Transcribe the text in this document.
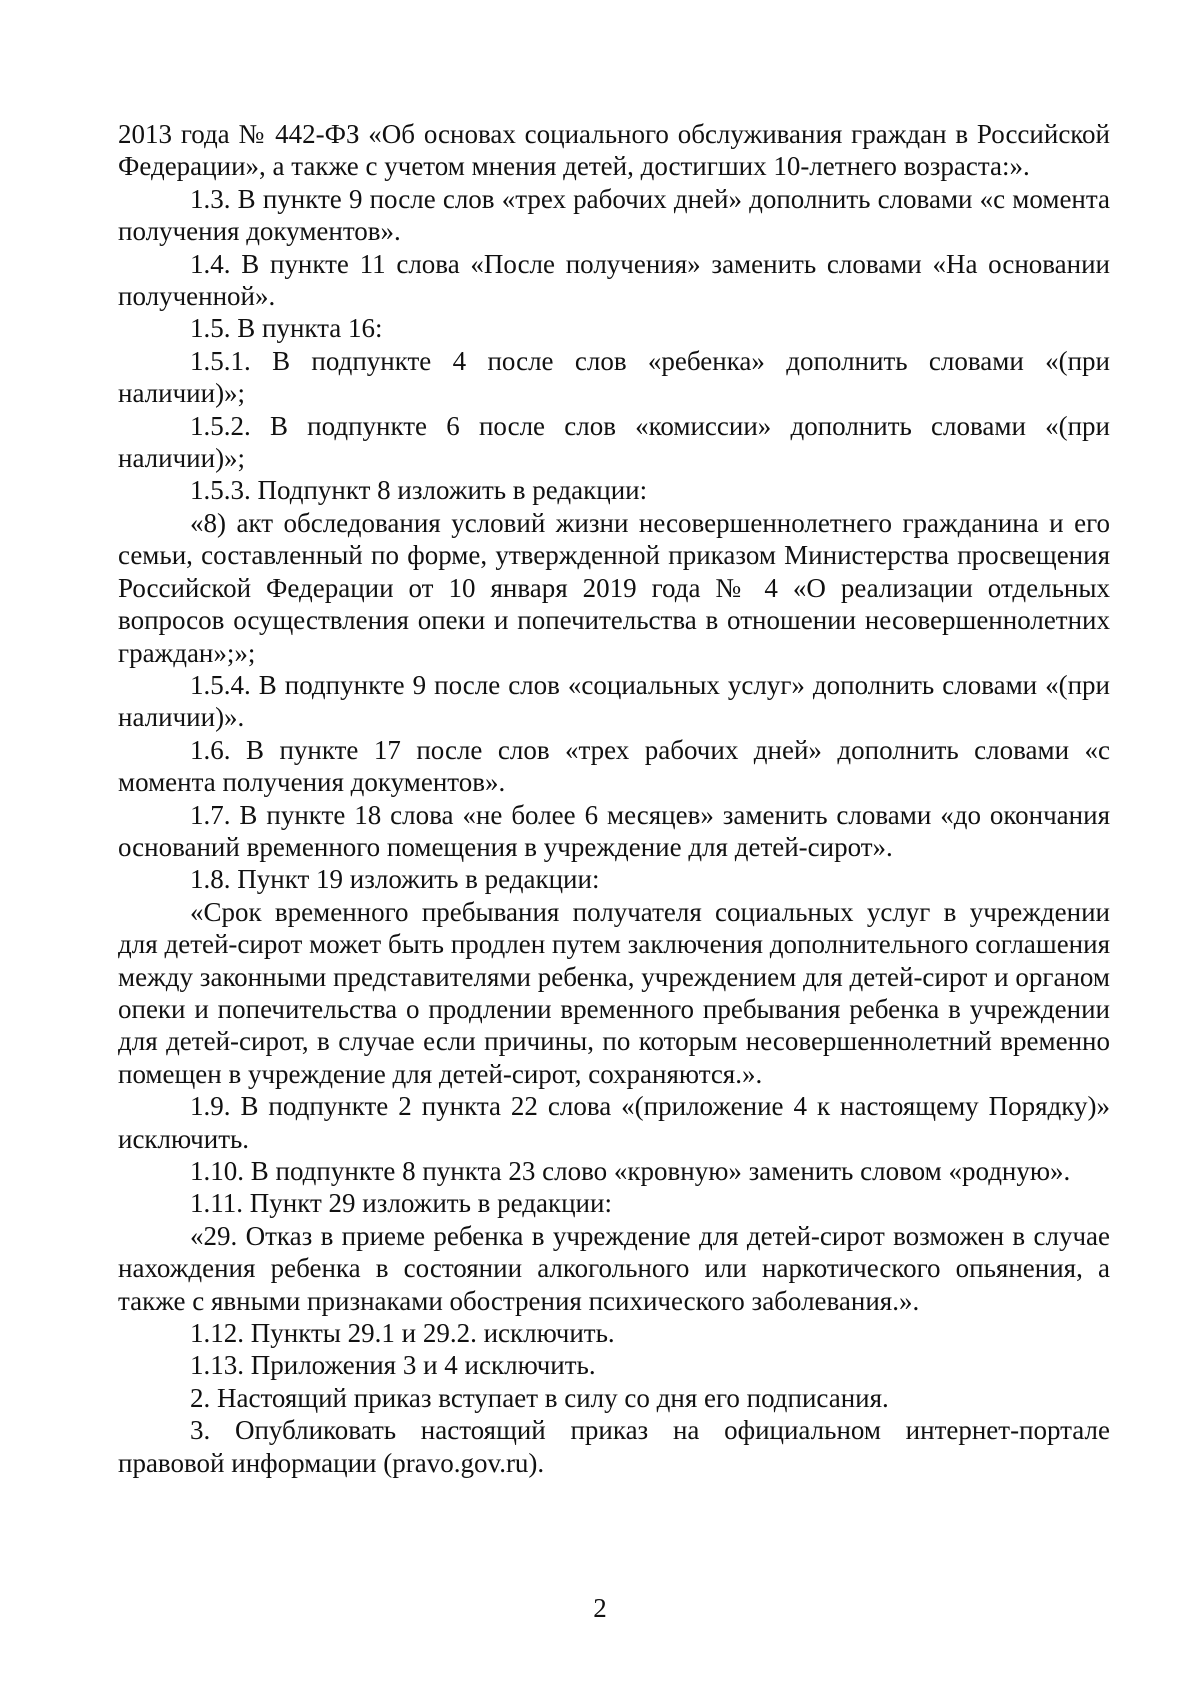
2013 года № 442-ФЗ «Об основах социального обслуживания граждан в Российской Федерации», а также с учетом мнения детей, достигших 10-летнего возраста:».

1.3. В пункте 9 после слов «трех рабочих дней» дополнить словами «с момента получения документов».

1.4. В пункте 11 слова «После получения» заменить словами «На основании полученной».

1.5. В пункта 16:

1.5.1. В подпункте 4 после слов «ребенка» дополнить словами «(при наличии)»;

1.5.2. В подпункте 6 после слов «комиссии» дополнить словами «(при наличии)»;

1.5.3. Подпункт 8 изложить в редакции:

«8) акт обследования условий жизни несовершеннолетнего гражданина и его семьи, составленный по форме, утвержденной приказом Министерства просвещения Российской Федерации от 10 января 2019 года № 4 «О реализации отдельных вопросов осуществления опеки и попечительства в отношении несовершеннолетних граждан»;»;

1.5.4. В подпункте 9 после слов «социальных услуг» дополнить словами «(при наличии)».

1.6. В пункте 17 после слов «трех рабочих дней» дополнить словами «с момента получения документов».

1.7. В пункте 18 слова «не более 6 месяцев» заменить словами «до окончания оснований временного помещения в учреждение для детей-сирот».

1.8. Пункт 19 изложить в редакции:

«Срок временного пребывания получателя социальных услуг в учреждении для детей-сирот может быть продлен путем заключения дополнительного соглашения между законными представителями ребенка, учреждением для детей-сирот и органом опеки и попечительства о продлении временного пребывания ребенка в учреждении для детей-сирот, в случае если причины, по которым несовершеннолетний временно помещен в учреждение для детей-сирот, сохраняются.».

1.9. В подпункте 2 пункта 22 слова «(приложение 4 к настоящему Порядку)» исключить.

1.10. В подпункте 8 пункта 23 слово «кровную» заменить словом «родную».

1.11. Пункт 29 изложить в редакции:

«29. Отказ в приеме ребенка в учреждение для детей-сирот возможен в случае нахождения ребенка в состоянии алкогольного или наркотического опьянения, а также с явными признаками обострения психического заболевания.».

1.12. Пункты 29.1 и 29.2. исключить.

1.13. Приложения 3 и 4 исключить.

2. Настоящий приказ вступает в силу со дня его подписания.

3. Опубликовать настоящий приказ на официальном интернет-портале правовой информации (pravo.gov.ru).

2
